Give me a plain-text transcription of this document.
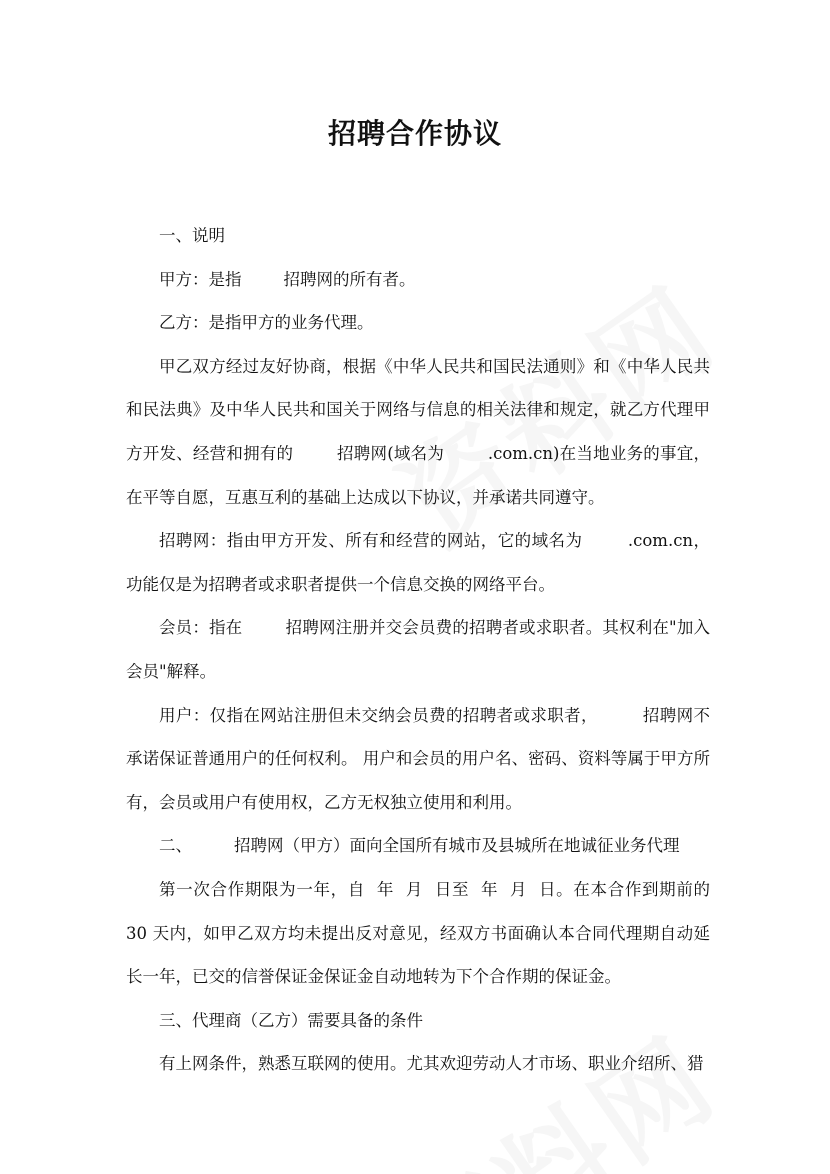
招聘合作协议

一、说明

甲方：是指        招聘网的所有者。

乙方：是指甲方的业务代理。

甲乙双方经过友好协商，根据《中华人民共和国民法通则》和《中华人民共和民法典》及中华人民共和国关于网络与信息的相关法律和规定，就乙方代理甲方开发、经营和拥有的        招聘网(域名为        .com.cn)在当地业务的事宜，在平等自愿，互惠互利的基础上达成以下协议，并承诺共同遵守。

招聘网：指由甲方开发、所有和经营的网站，它的域名为        .com.cn，功能仅是为招聘者或求职者提供一个信息交换的网络平台。

会员：指在        招聘网注册并交会员费的招聘者或求职者。其权利在"加入会员"解释。

用户：仅指在网站注册但未交纳会员费的招聘者或求职者，        招聘网不承诺保证普通用户的任何权利。 用户和会员的用户名、密码、资料等属于甲方所有，会员或用户有使用权，乙方无权独立使用和利用。

二、        招聘网（甲方）面向全国所有城市及县城所在地诚征业务代理

第一次合作期限为一年，自  年  月  日至  年  月  日。在本合作到期前的 30 天内，如甲乙双方均未提出反对意见，经双方书面确认本合同代理期自动延长一年，已交的信誉保证金保证金自动地转为下个合作期的保证金。

三、代理商（乙方）需要具备的条件

有上网条件，熟悉互联网的使用。尤其欢迎劳动人才市场、职业介绍所、猎
